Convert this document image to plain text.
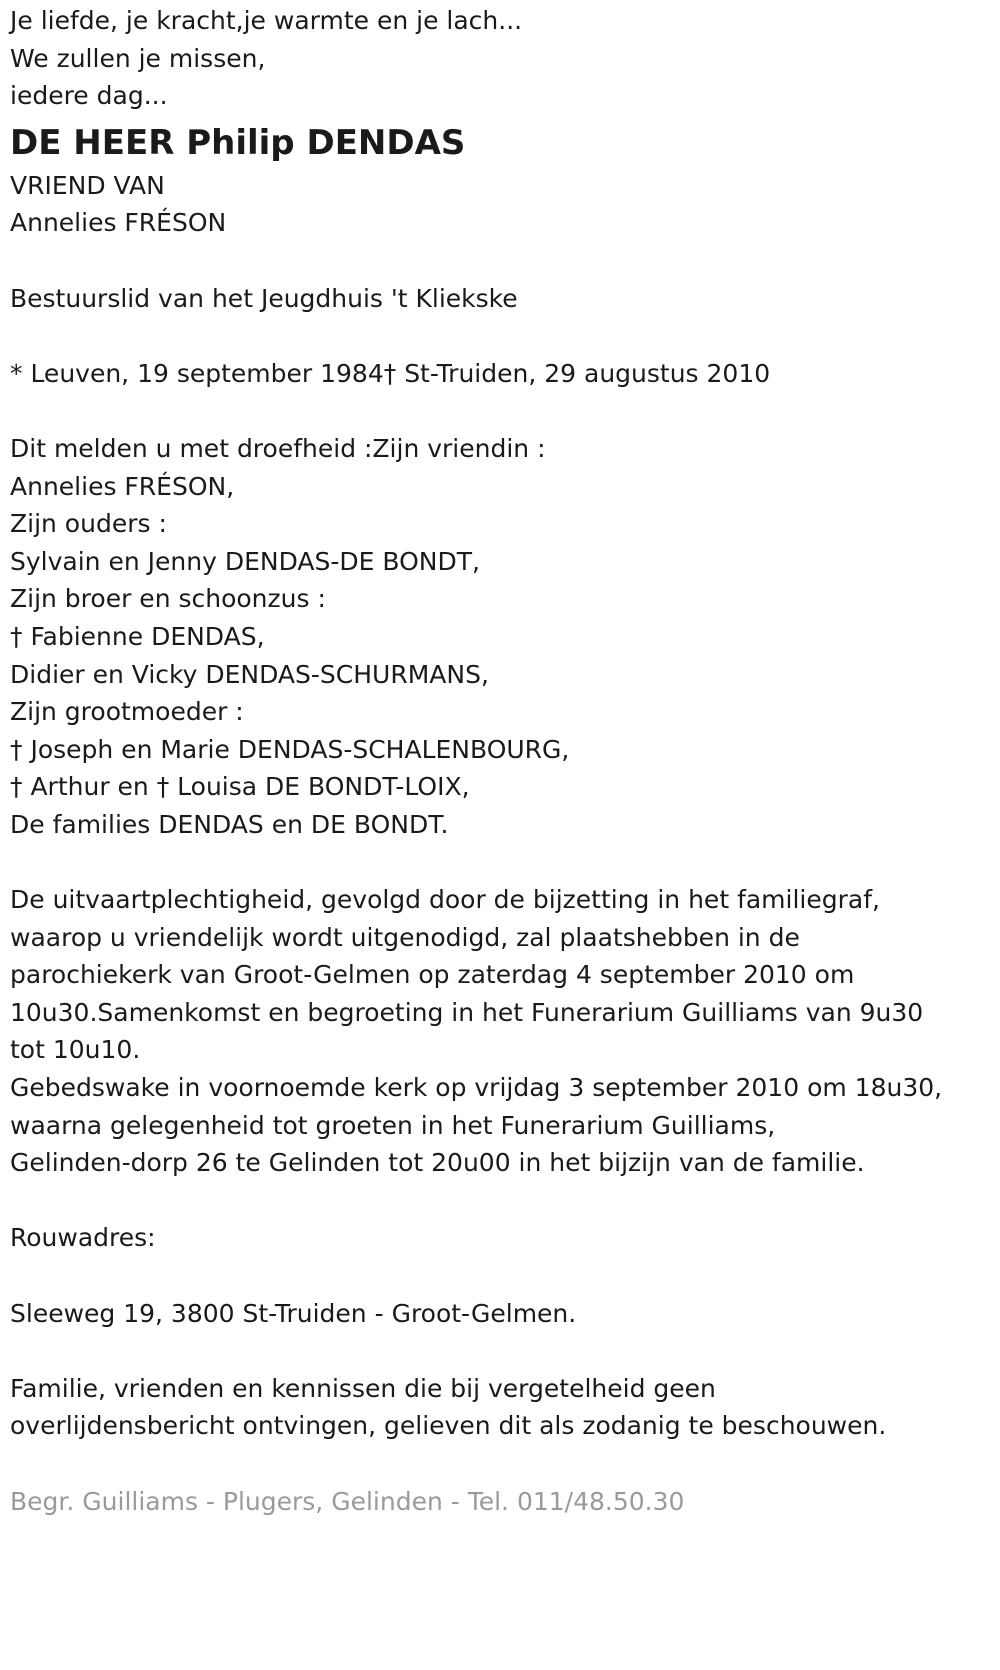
Je liefde, je kracht,je warmte en je lach...
We zullen je missen,
iedere dag...
DE HEER Philip DENDAS
VRIEND VAN
Annelies FRÉSON
Bestuurslid van het Jeugdhuis 't Kliekske
* Leuven, 19 september 1984† St-Truiden, 29 augustus 2010
Dit melden u met droefheid :Zijn vriendin :
Annelies FRÉSON,
Zijn ouders :
Sylvain en Jenny DENDAS-DE BONDT,
Zijn broer en schoonzus :
† Fabienne DENDAS,
Didier en Vicky DENDAS-SCHURMANS,
Zijn grootmoeder :
† Joseph en Marie DENDAS-SCHALENBOURG,
† Arthur en † Louisa DE BONDT-LOIX,
De families DENDAS en DE BONDT.
De uitvaartplechtigheid, gevolgd door de bijzetting in het familiegraf,
waarop u vriendelijk wordt uitgenodigd, zal plaatshebben in de
parochiekerk van Groot-Gelmen op zaterdag 4 september 2010 om
10u30.Samenkomst en begroeting in het Funerarium Guilliams van 9u30
tot 10u10.
Gebedswake in voornoemde kerk op vrijdag 3 september 2010 om 18u30,
waarna gelegenheid tot groeten in het Funerarium Guilliams,
Gelinden-dorp 26 te Gelinden tot 20u00 in het bijzijn van de familie.
Rouwadres:
Sleeweg 19, 3800 St-Truiden - Groot-Gelmen.
Familie, vrienden en kennissen die bij vergetelheid geen
overlijdensbericht ontvingen, gelieven dit als zodanig te beschouwen.
Begr. Guilliams - Plugers, Gelinden - Tel. 011/48.50.30
